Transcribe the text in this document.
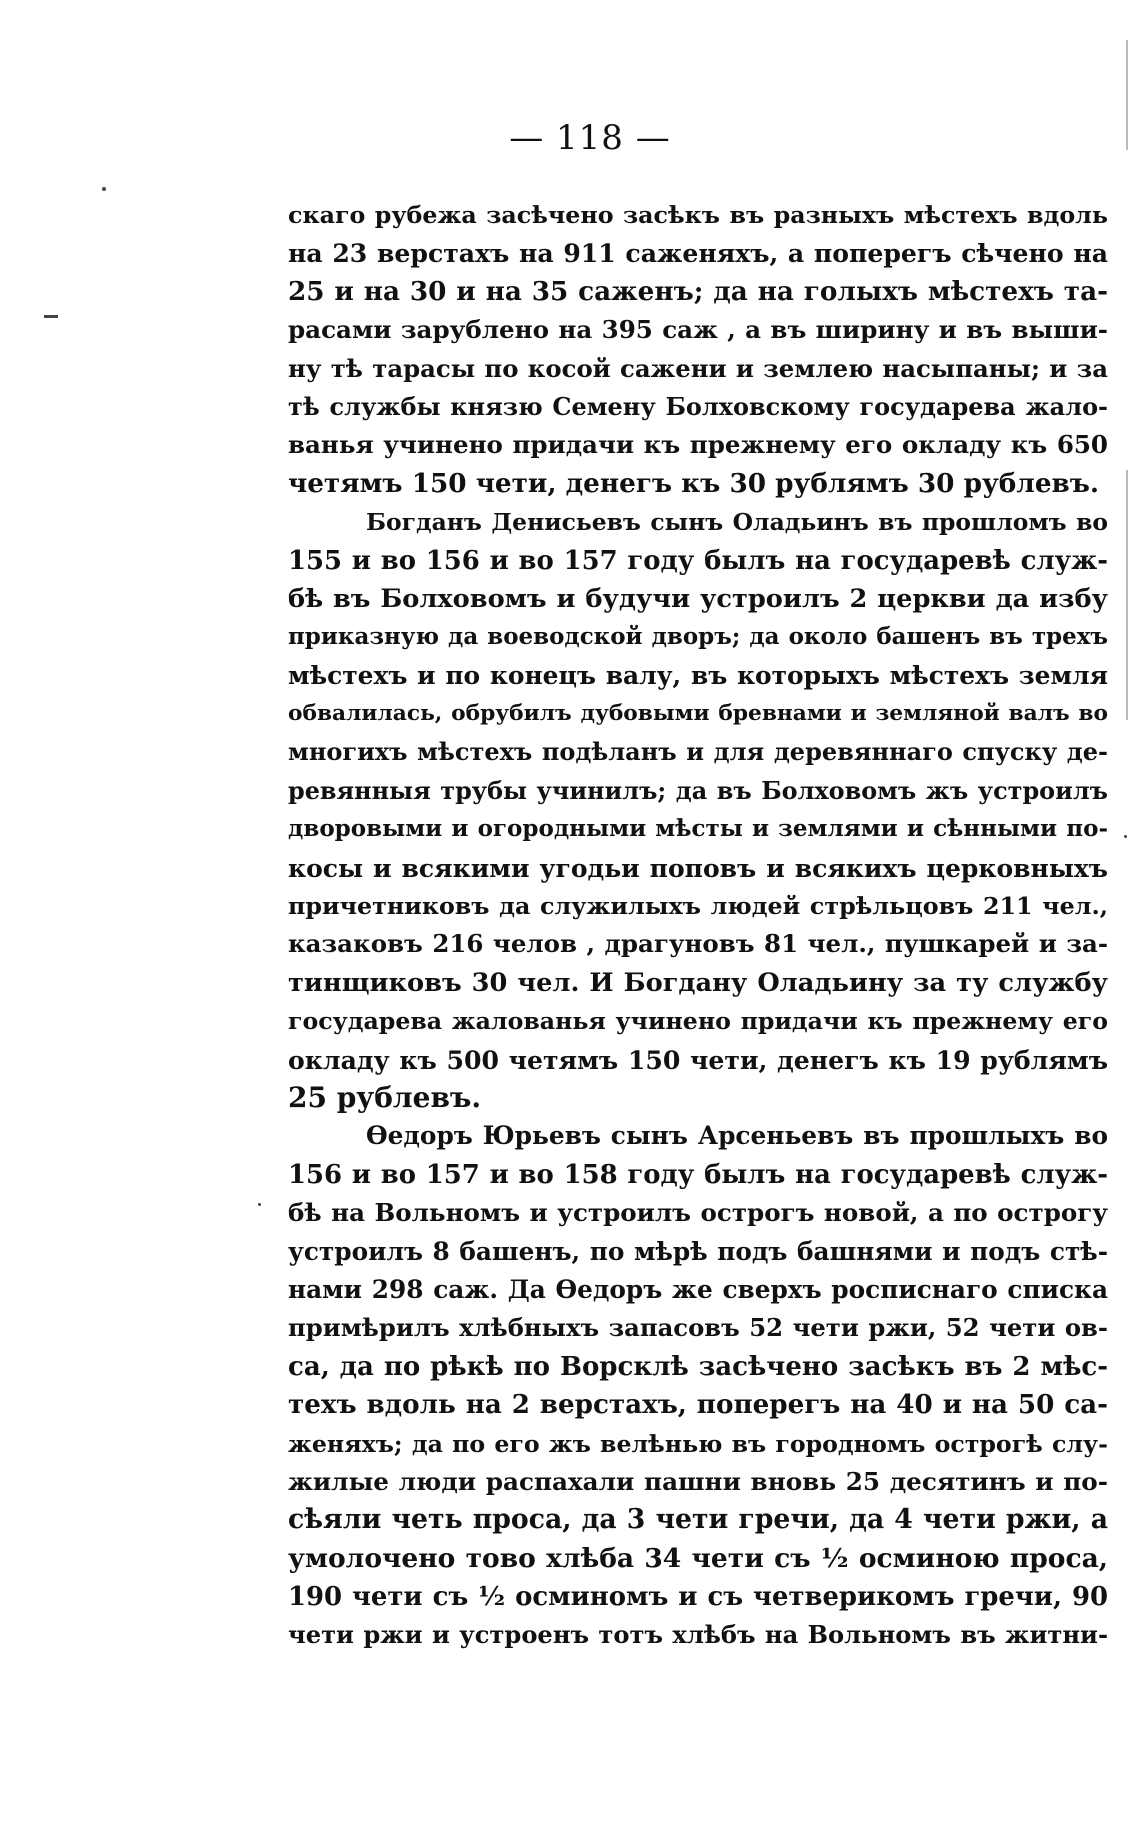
— 118 —
скаго рубежа засѣчено засѣкъ въ разныхъ мѣстехъ вдоль
на 23 верстахъ на 911 саженяхъ, а поперегъ сѣчено на
25 и на 30 и на 35 саженъ; да на голыхъ мѣстехъ та-
расами зарублено на 395 саж , а въ ширину и въ выши-
ну тѣ тарасы по косой сажени и землею насыпаны; и за
тѣ службы князю Семену Болховскому государева жало-
ванья учинено придачи къ прежнему его окладу къ 650
четямъ 150 чети, денегъ къ 30 рублямъ 30 рублевъ.
Богданъ Денисьевъ сынъ Оладьинъ въ прошломъ во
155 и во 156 и во 157 году былъ на государевѣ служ-
бѣ въ Болховомъ и будучи устроилъ 2 церкви да избу
приказную да воеводской дворъ; да около башенъ въ трехъ
мѣстехъ и по конецъ валу, въ которыхъ мѣстехъ земля
обвалилась, обрубилъ дубовыми бревнами и земляной валъ во
многихъ мѣстехъ подѣланъ и для деревяннаго спуску де-
ревянныя трубы учинилъ; да въ Болховомъ жъ устроилъ
дворовыми и огородными мѣсты и землями и сѣнными по-
косы и всякими угодьи поповъ и всякихъ церковныхъ
причетниковъ да служилыхъ людей стрѣльцовъ 211 чел.,
казаковъ 216 челов , драгуновъ 81 чел., пушкарей и за-
тинщиковъ 30 чел. И Богдану Оладьину за ту службу
государева жалованья учинено придачи къ прежнему его
окладу къ 500 четямъ 150 чети, денегъ къ 19 рублямъ
25 рублевъ.
Ѳедоръ Юрьевъ сынъ Арсеньевъ въ прошлыхъ во
156 и во 157 и во 158 году былъ на государевѣ служ-
бѣ на Вольномъ и устроилъ острогъ новой, а по острогу
устроилъ 8 башенъ, по мѣрѣ подъ башнями и подъ стѣ-
нами 298 саж. Да Ѳедоръ же сверхъ росписнаго списка
примѣрилъ хлѣбныхъ запасовъ 52 чети ржи, 52 чети ов-
са, да по рѣкѣ по Ворсклѣ засѣчено засѣкъ въ 2 мѣс-
техъ вдоль на 2 верстахъ, поперегъ на 40 и на 50 са-
женяхъ; да по его жъ велѣнью въ городномъ острогѣ слу-
жилые люди распахали пашни вновь 25 десятинъ и по-
сѣяли четь проса, да 3 чети гречи, да 4 чети ржи, а
умолочено тово хлѣба 34 чети съ ½ осминою проса,
190 чети съ ½ осминомъ и съ четверикомъ гречи, 90
чети ржи и устроенъ тотъ хлѣбъ на Вольномъ въ житни-
